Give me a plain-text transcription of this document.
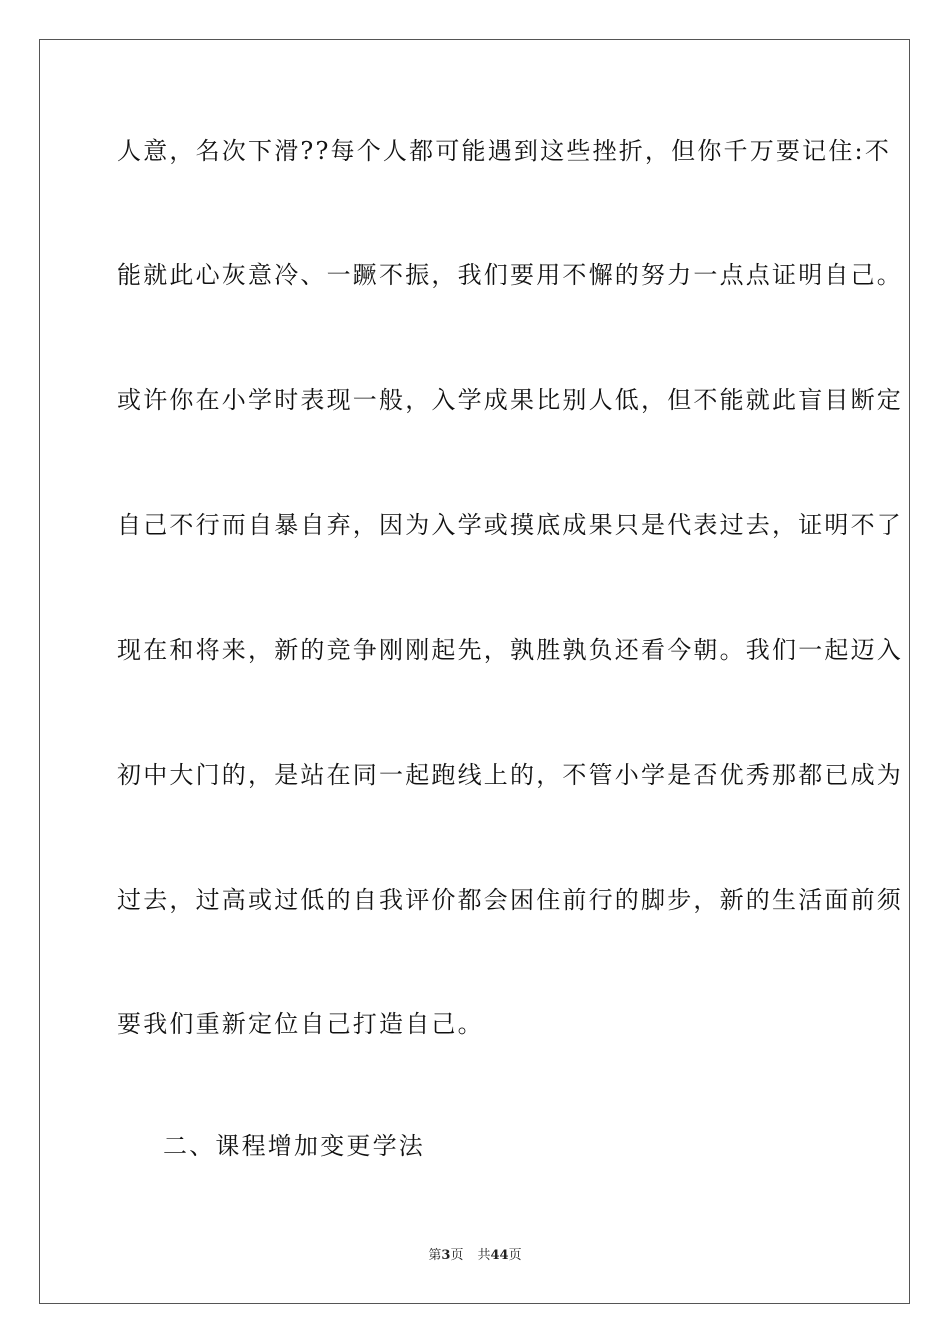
人意，名次下滑??每个人都可能遇到这些挫折，但你千万要记住:不
能就此心灰意冷、一蹶不振，我们要用不懈的努力一点点证明自己。
或许你在小学时表现一般，入学成果比别人低，但不能就此盲目断定
自己不行而自暴自弃，因为入学或摸底成果只是代表过去，证明不了
现在和将来，新的竞争刚刚起先，孰胜孰负还看今朝。我们一起迈入
初中大门的，是站在同一起跑线上的，不管小学是否优秀那都已成为
过去，过高或过低的自我评价都会困住前行的脚步，新的生活面前须
要我们重新定位自己打造自己。
二、课程增加变更学法
第3页 共44页
